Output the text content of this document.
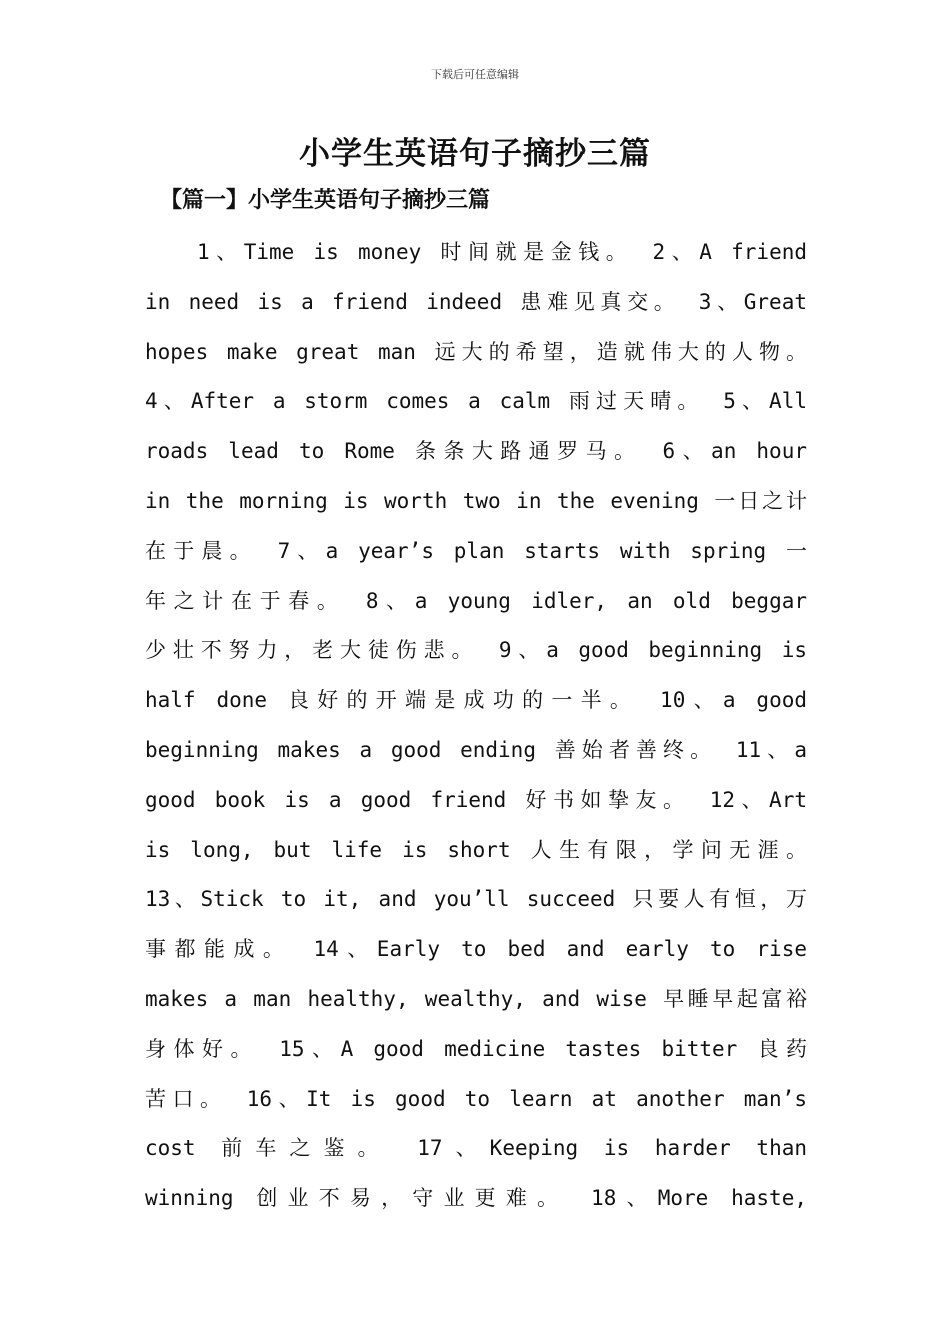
下载后可任意编辑
小学生英语句子摘抄三篇
【篇一】小学生英语句子摘抄三篇
1、Time is money 时间就是金钱。 2、A friend
in need is a friend indeed 患难见真交。 3、Great
hopes make great man 远大的希望，造就伟大的人物。
4、After a storm comes a calm 雨过天晴。 5、All
roads lead to Rome 条条大路通罗马。 6、an hour
in the morning is worth two in the evening 一日之计
在于晨。 7、a year’s plan starts with spring 一
年之计在于春。 8、a young idler, an old beggar
少壮不努力，老大徒伤悲。 9、a good beginning is
half done 良好的开端是成功的一半。 10、a good
beginning makes a good ending 善始者善终。 11、a
good book is a good friend 好书如挚友。 12、Art
is long, but life is short 人生有限，学问无涯。
13、Stick to it, and you’ll succeed 只要人有恒，万
事都能成。 14、Early to bed and early to rise
makes a man healthy, wealthy, and wise 早睡早起富裕
身体好。 15、A good medicine tastes bitter 良药
苦口。 16、It is good to learn at another man’s
cost 前车之鉴。 17、Keeping is harder than
winning 创业不易，守业更难。 18、More haste,
